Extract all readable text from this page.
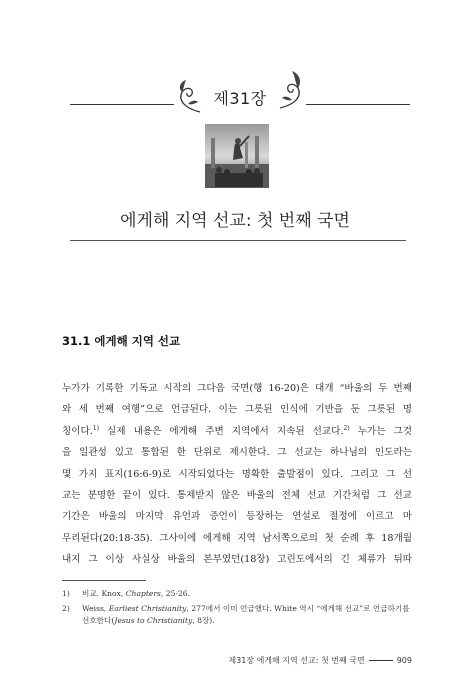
제31장
에게해 지역 선교: 첫 번째 국면
31.1 에게해 지역 선교
누가가 기록한 기독교 시작의 그다음 국면(행 16-20)은 대개 “바울의 두 번째
와 세 번째 여행”으로 언급된다. 이는 그릇된 인식에 기반을 둔 그릇된 명
칭이다.$^{1)}$ 실제 내용은 에게해 주변 지역에서 지속된 선교다.$^{2)}$ 누가는 그것
을 일관성 있고 통합된 한 단위로 제시한다. 그 선교는 하나님의 인도라는
몇 가지 표지(16:6-9)로 시작되었다는 명확한 출발점이 있다. 그리고 그 선
교는 분명한 끝이 있다. 통제받지 않은 바울의 전체 선교 기간처럼 그 선교
기간은 바울의 마지막 유언과 증언이 등장하는 연설로 절정에 이르고 마
무리된다(20:18-35). 그사이에 에게해 지역 남서쪽으로의 첫 순례 후 18개월
내지 그 이상 사실상 바울의 본부였던(18장) 고린도에서의 긴 체류가 뒤따
1) 비교. Knox, Chapters, 25-26.
2) Weiss, Earliest Christianity, 277에서 이미 언급했다. White 역시 “에게해 선교”로 언급하기를 선호한다(Jesus to Christianity, 8장).
제31장 에게해 지역 선교: 첫 번째 국면	909
